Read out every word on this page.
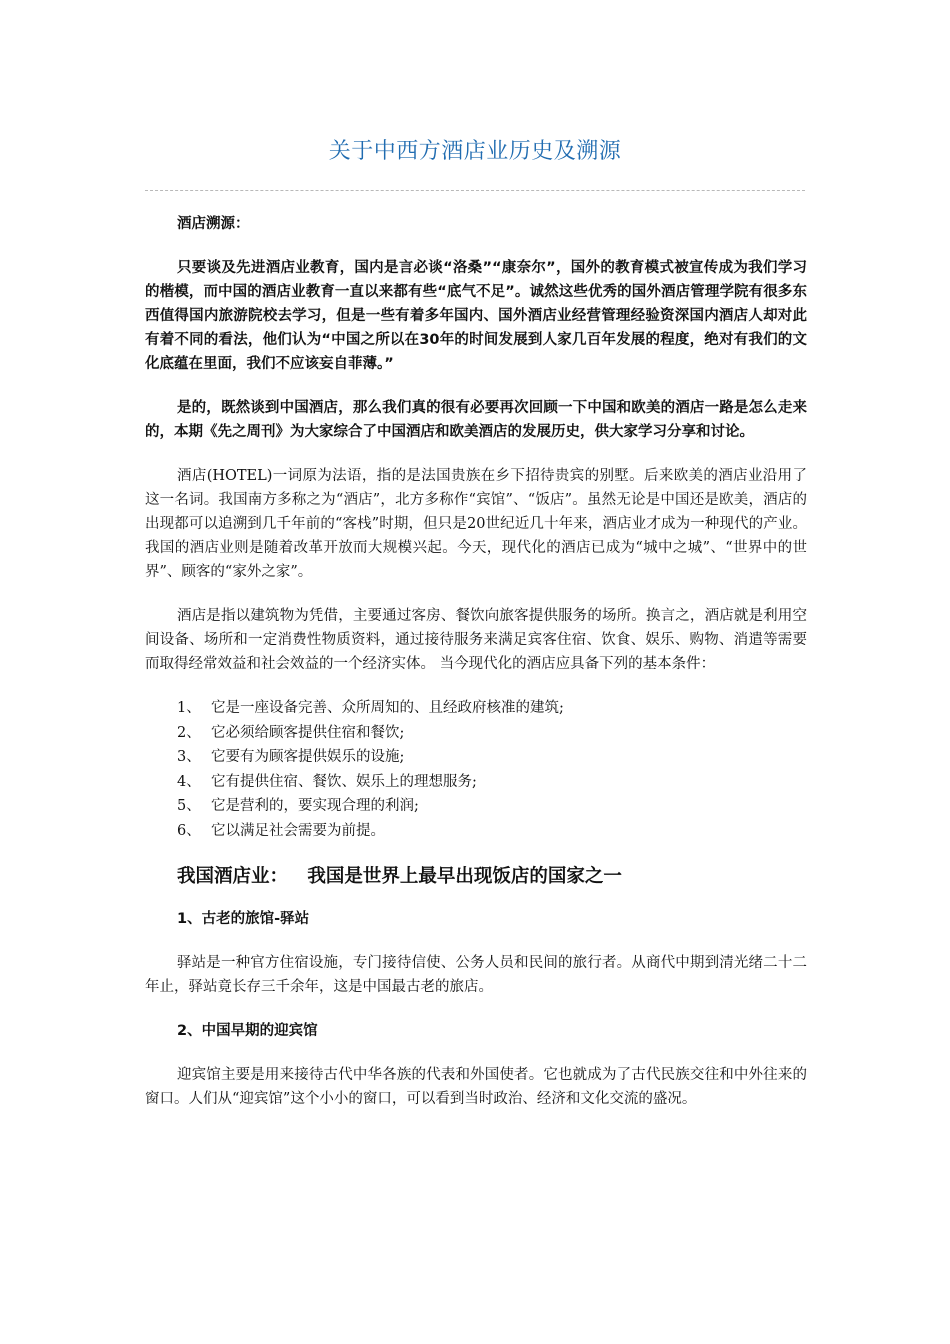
关于中西方酒店业历史及溯源

酒店溯源：

只要谈及先进酒店业教育，国内是言必谈“洛桑”“康奈尔”，国外的教育模式被宣传成为我们学习的楷模，而中国的酒店业教育一直以来都有些“底气不足”。诚然这些优秀的国外酒店管理学院有很多东西值得国内旅游院校去学习，但是一些有着多年国内、国外酒店业经营管理经验资深国内酒店人却对此有着不同的看法，他们认为“中国之所以在30年的时间发展到人家几百年发展的程度，绝对有我们的文化底蕴在里面，我们不应该妄自菲薄。”

是的，既然谈到中国酒店，那么我们真的很有必要再次回顾一下中国和欧美的酒店一路是怎么走来的，本期《先之周刊》为大家综合了中国酒店和欧美酒店的发展历史，供大家学习分享和讨论。

酒店(HOTEL)一词原为法语，指的是法国贵族在乡下招待贵宾的别墅。后来欧美的酒店业沿用了这一名词。我国南方多称之为“酒店”，北方多称作“宾馆”、“饭店”。虽然无论是中国还是欧美，酒店的出现都可以追溯到几千年前的“客栈”时期，但只是20世纪近几十年来，酒店业才成为一种现代的产业。我国的酒店业则是随着改革开放而大规模兴起。今天，现代化的酒店已成为“城中之城”、“世界中的世界”、顾客的“家外之家”。

酒店是指以建筑物为凭借，主要通过客房、餐饮向旅客提供服务的场所。换言之，酒店就是利用空间设备、场所和一定消费性物质资料，通过接待服务来满足宾客住宿、饮食、娱乐、购物、消遣等需要而取得经常效益和社会效益的一个经济实体。 当今现代化的酒店应具备下列的基本条件：

1、 它是一座设备完善、众所周知的、且经政府核准的建筑;
2、 它必须给顾客提供住宿和餐饮;
3、 它要有为顾客提供娱乐的设施;
4、 它有提供住宿、餐饮、娱乐上的理想服务;
5、 它是营利的，要实现合理的利润;
6、 它以满足社会需要为前提。
我国酒店业：   我国是世界上最早出现饭店的国家之一

1、古老的旅馆-驿站

驿站是一种官方住宿设施，专门接待信使、公务人员和民间的旅行者。从商代中期到清光绪二十二年止，驿站竟长存三千余年，这是中国最古老的旅店。

2、中国早期的迎宾馆

迎宾馆主要是用来接待古代中华各族的代表和外国使者。它也就成为了古代民族交往和中外往来的窗口。人们从“迎宾馆”这个小小的窗口，可以看到当时政治、经济和文化交流的盛况。
